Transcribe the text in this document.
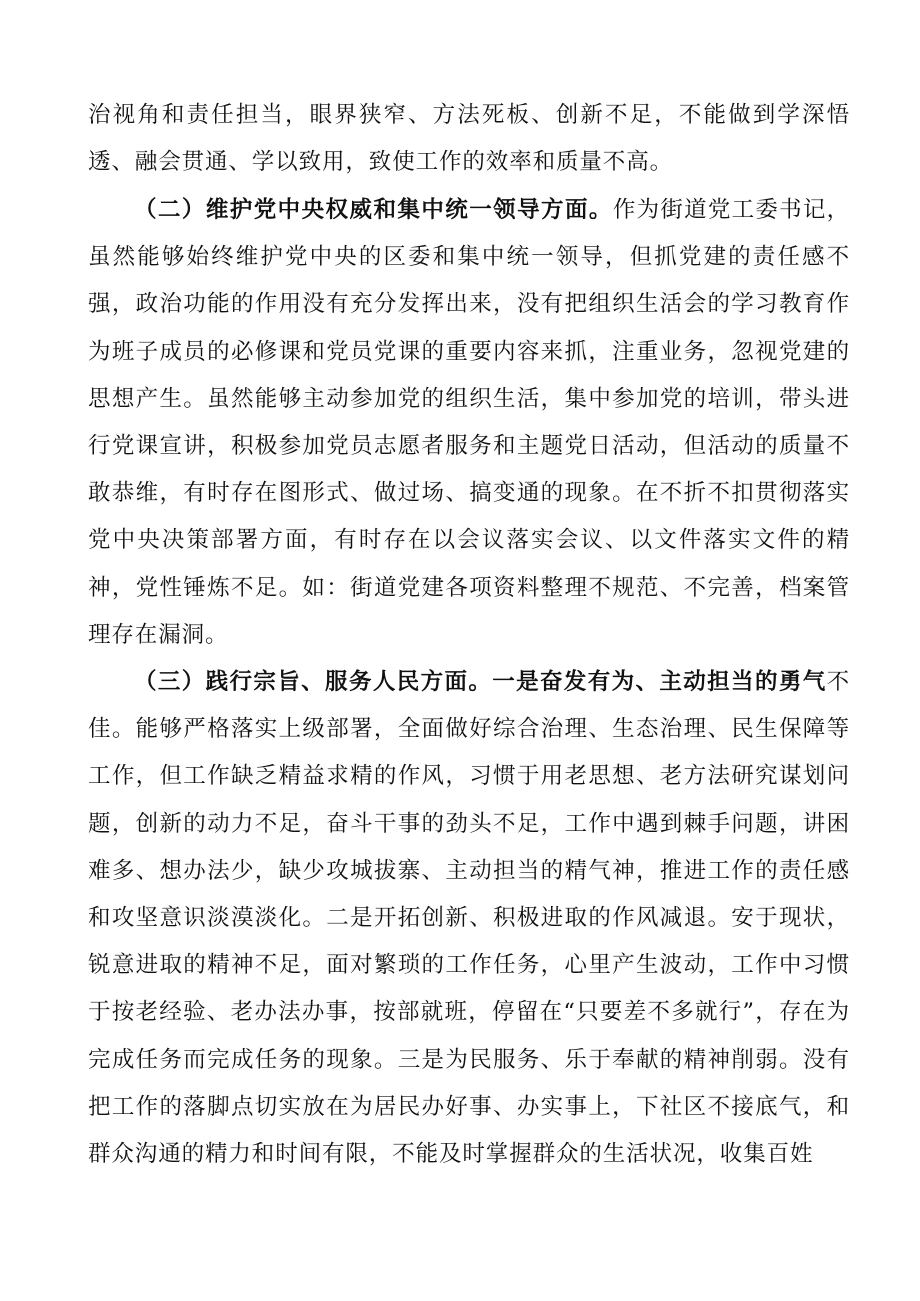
治视角和责任担当，眼界狭窄、方法死板、创新不足，不能做到学深悟透、融会贯通、学以致用，致使工作的效率和质量不高。

（二）维护党中央权威和集中统一领导方面。作为街道党工委书记，虽然能够始终维护党中央的区委和集中统一领导，但抓党建的责任感不强，政治功能的作用没有充分发挥出来，没有把组织生活会的学习教育作为班子成员的必修课和党员党课的重要内容来抓，注重业务，忽视党建的思想产生。虽然能够主动参加党的组织生活，集中参加党的培训，带头进行党课宣讲，积极参加党员志愿者服务和主题党日活动，但活动的质量不敢恭维，有时存在图形式、做过场、搞变通的现象。在不折不扣贯彻落实党中央决策部署方面，有时存在以会议落实会议、以文件落实文件的精神，党性锤炼不足。如：街道党建各项资料整理不规范、不完善，档案管理存在漏洞。

（三）践行宗旨、服务人民方面。一是奋发有为、主动担当的勇气不佳。能够严格落实上级部署，全面做好综合治理、生态治理、民生保障等工作，但工作缺乏精益求精的作风，习惯于用老思想、老方法研究谋划问题，创新的动力不足，奋斗干事的劲头不足，工作中遇到棘手问题，讲困难多、想办法少，缺少攻城拔寨、主动担当的精气神，推进工作的责任感和攻坚意识淡漠淡化。二是开拓创新、积极进取的作风减退。安于现状，锐意进取的精神不足，面对繁琐的工作任务，心里产生波动，工作中习惯于按老经验、老办法办事，按部就班，停留在“只要差不多就行”，存在为完成任务而完成任务的现象。三是为民服务、乐于奉献的精神削弱。没有把工作的落脚点切实放在为居民办好事、办实事上，下社区不接底气，和群众沟通的精力和时间有限，不能及时掌握群众的生活状况，收集百姓
